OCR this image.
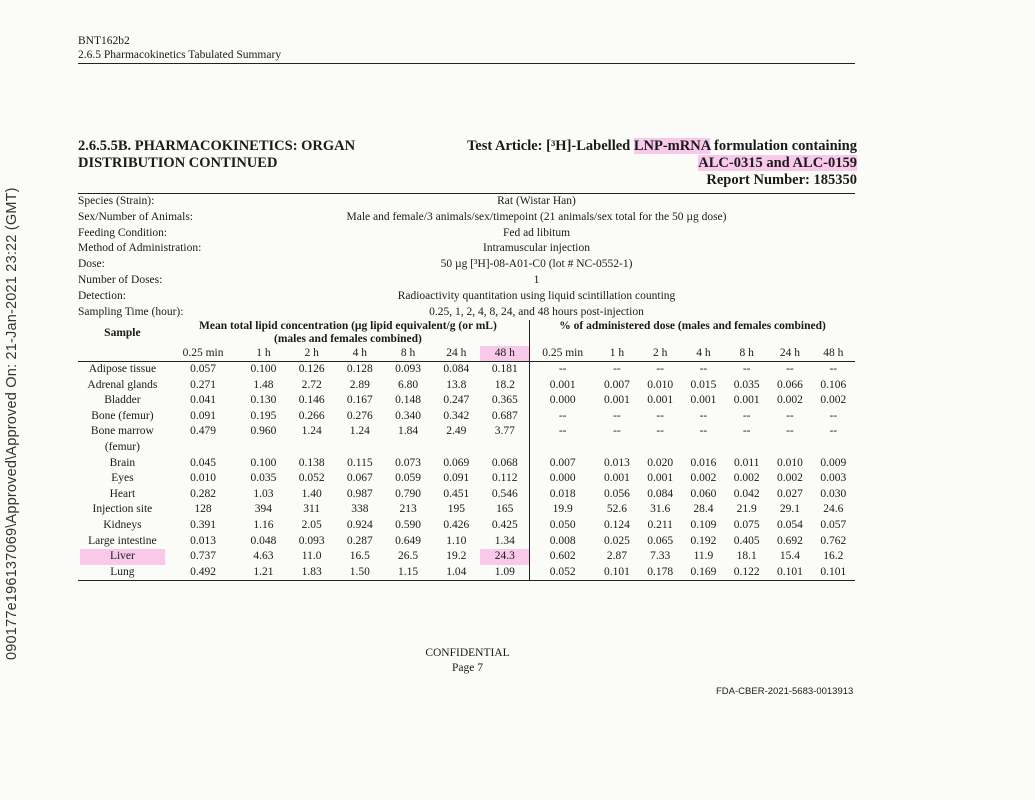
BNT162b2
2.6.5 Pharmacokinetics Tabulated Summary
090177e196137069\Approved\Approved On: 21-Jan-2021 23:22 (GMT)
2.6.5.5B. PHARMACOKINETICS: ORGAN
DISTRIBUTION CONTINUED
Test Article: [³H]-Labelled LNP-mRNA formulation containing
ALC-0315 and ALC-0159
Report Number: 185350
Species (Strain):	Rat (Wistar Han)
Sex/Number of Animals:	Male and female/3 animals/sex/timepoint (21 animals/sex total for the 50 µg dose)
Feeding Condition:	Fed ad libitum
Method of Administration:	Intramuscular injection
Dose:	50 µg [³H]-08-A01-C0 (lot # NC-0552-1)
Number of Doses:	1
Detection:	Radioactivity quantitation using liquid scintillation counting
Sampling Time (hour):	0.25, 1, 2, 4, 8, 24, and 48 hours post-injection
Sample	Mean total lipid concentration (µg lipid equivalent/g (or mL)
(males and females combined)							% of administered dose (males and females combined)						
	0.25 min	1 h	2 h	4 h	8 h	24 h	48 h	0.25 min	1 h	2 h	4 h	8 h	24 h	48 h

Adipose tissue	0.057	0.100	0.126	0.128	0.093	0.084	0.181	--	--	--	--	--	--	--

Adrenal glands	0.271	1.48	2.72	2.89	6.80	13.8	18.2	0.001	0.007	0.010	0.015	0.035	0.066	0.106

Bladder	0.041	0.130	0.146	0.167	0.148	0.247	0.365	0.000	0.001	0.001	0.001	0.001	0.002	0.002

Bone (femur)	0.091	0.195	0.266	0.276	0.340	0.342	0.687	--	--	--	--	--	--	--

Bone marrow
(femur)	0.479	0.960	1.24	1.24	1.84	2.49	3.77	--	--	--	--	--	--	--

Brain	0.045	0.100	0.138	0.115	0.073	0.069	0.068	0.007	0.013	0.020	0.016	0.011	0.010	0.009

Eyes	0.010	0.035	0.052	0.067	0.059	0.091	0.112	0.000	0.001	0.001	0.002	0.002	0.002	0.003

Heart	0.282	1.03	1.40	0.987	0.790	0.451	0.546	0.018	0.056	0.084	0.060	0.042	0.027	0.030

Injection site	128	394	311	338	213	195	165	19.9	52.6	31.6	28.4	21.9	29.1	24.6

Kidneys	0.391	1.16	2.05	0.924	0.590	0.426	0.425	0.050	0.124	0.211	0.109	0.075	0.054	0.057

Large intestine	0.013	0.048	0.093	0.287	0.649	1.10	1.34	0.008	0.025	0.065	0.192	0.405	0.692	0.762

Liver	0.737	4.63	11.0	16.5	26.5	19.2	24.3	0.602	2.87	7.33	11.9	18.1	15.4	16.2

Lung	0.492	1.21	1.83	1.50	1.15	1.04	1.09	0.052	0.101	0.178	0.169	0.122	0.101	0.101
CONFIDENTIAL
Page 7
FDA-CBER-2021-5683-0013913
